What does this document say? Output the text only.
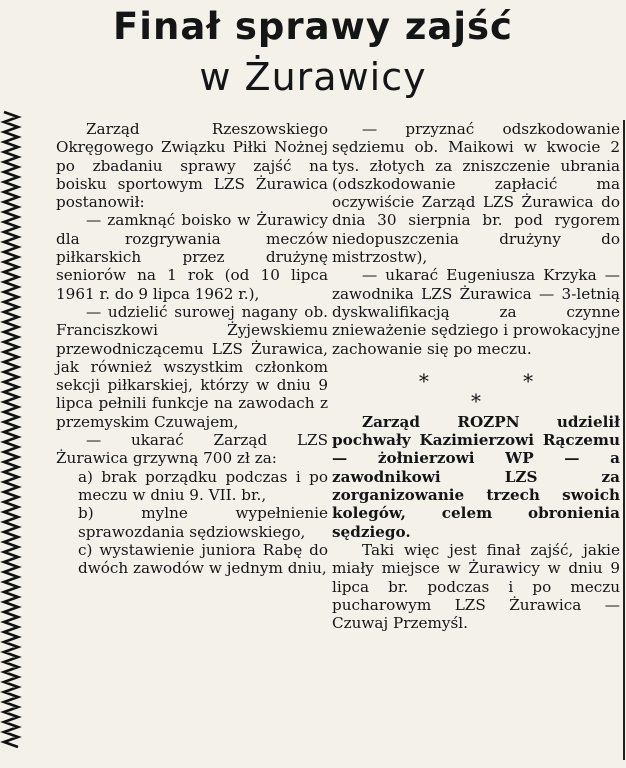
Finał sprawy zajść
w Żurawicy

Zarząd Rzeszowskiego Okręgowego Związku Piłki Nożnej po zbadaniu sprawy zajść na boisku sportowym LZS Żurawica postanowił:

— zamknąć boisko w Żurawicy dla rozgrywania meczów piłkarskich przez drużynę seniorów na 1 rok (od 10 lipca 1961 r. do 9 lipca 1962 r.),

— udzielić surowej nagany ob. Franciszkowi Żyjewskiemu przewodniczącemu LZS Żurawica, jak również wszystkim członkom sekcji piłkarskiej, którzy w dniu 9 lipca pełnili funkcje na zawodach z przemyskim Czuwajem,

— ukarać Zarząd LZS Żurawica grzywną 700 zł za:

a) brak porządku podczas i po meczu w dniu 9. VII. br.,

b) mylne wypełnienie sprawozdania sędziowskiego,

c) wystawienie juniora Rabę do dwóch zawodów w jednym dniu,

— przyznać odszkodowanie sędziemu ob. Maikowi w kwocie 2 tys. złotych za zniszczenie ubrania (odszkodowanie zapłacić ma oczywiście Zarząd LZS Żurawica do dnia 30 sierpnia br. pod rygorem niedopuszczenia drużyny do mistrzostw),

— ukarać Eugeniusza Krzyka — zawodnika LZS Żurawica — 3-letnią dyskwalifikacją za czynne znieważenie sędziego i prowokacyjne zachowanie się po meczu.

* * *

Zarząd ROZPN udzielił pochwały Kazimierzowi Rączemu — żołnierzowi WP — a zawodnikowi LZS za zorganizowanie trzech swoich kolegów, celem obronienia sędziego.

Taki więc jest finał zajść, jakie miały miejsce w Żurawicy w dniu 9 lipca br. podczas i po meczu pucharowym LZS Żurawica — Czuwaj Przemyśl.
